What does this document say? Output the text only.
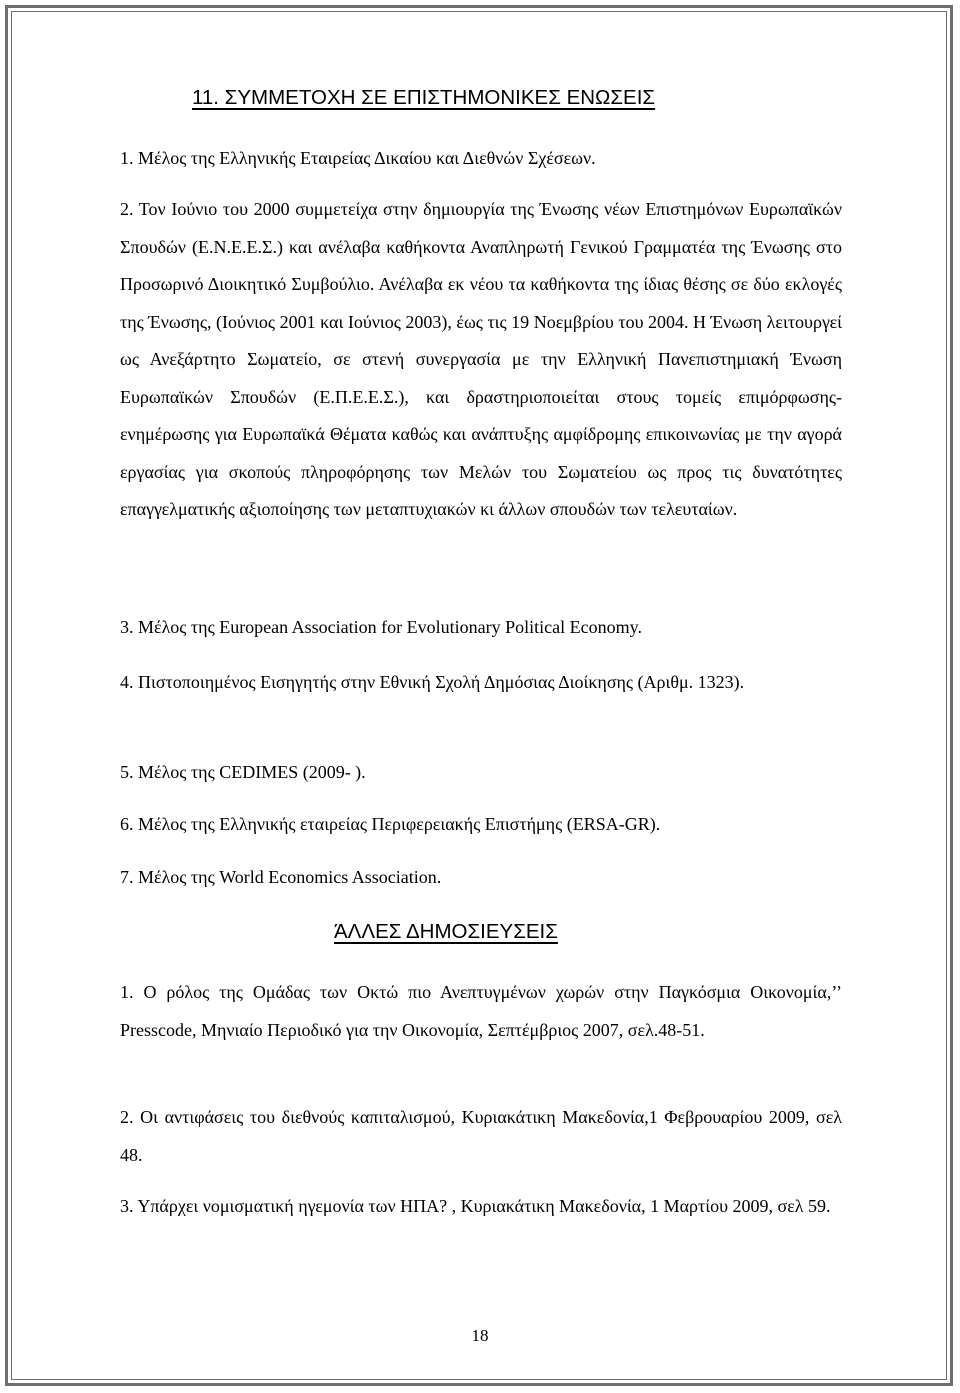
11. ΣΥΜΜΕΤΟΧΗ ΣΕ ΕΠΙΣΤΗΜΟΝΙΚΕΣ ΕΝΩΣΕΙΣ

1. Μέλος της Ελληνικής Εταιρείας Δικαίου και Διεθνών Σχέσεων.

2. Τον Ιούνιο του 2000 συμμετείχα στην δημιουργία της Ένωσης νέων Επιστημόνων Ευρωπαϊκών Σπουδών (Ε.Ν.Ε.Ε.Σ.) και ανέλαβα καθήκοντα Αναπληρωτή Γενικού Γραμματέα της Ένωσης στο Προσωρινό Διοικητικό Συμβούλιο. Ανέλαβα εκ νέου τα καθήκοντα της ίδιας θέσης σε δύο εκλογές της Ένωσης, (Ιούνιος 2001 και Ιούνιος 2003), έως τις 19 Νοεμβρίου του 2004. Η Ένωση λειτουργεί ως Ανεξάρτητο Σωματείο, σε στενή συνεργασία με την Ελληνική Πανεπιστημιακή Ένωση Ευρωπαϊκών Σπουδών (Ε.Π.Ε.Ε.Σ.), και δραστηριοποιείται στους τομείς επιμόρφωσης-ενημέρωσης για Ευρωπαϊκά Θέματα καθώς και ανάπτυξης αμφίδρομης επικοινωνίας με την αγορά εργασίας για σκοπούς πληροφόρησης των Μελών του Σωματείου ως προς τις δυνατότητες επαγγελματικής αξιοποίησης των μεταπτυχιακών κι άλλων σπουδών των τελευταίων.

3. Μέλος της European Association for Evolutionary Political Economy.

4. Πιστοποιημένος Εισηγητής στην Εθνική Σχολή Δημόσιας Διοίκησης (Αριθμ. 1323).

5. Μέλος της CEDIMES (2009- ).

6. Μέλος της Ελληνικής εταιρείας Περιφερειακής Επιστήμης (ERSA-GR).

7. Μέλος της World Economics Association.

ΆΛΛΕΣ ΔΗΜΟΣΙΕΥΣΕΙΣ

1. Ο ρόλος της Ομάδας των Οκτώ πιο Ανεπτυγμένων χωρών στην Παγκόσμια Οικονομία,’’ Presscode, Μηνιαίο Περιοδικό για την Οικονομία, Σεπτέμβριος 2007, σελ.48-51.

2. Οι αντιφάσεις του διεθνούς καπιταλισμού, Κυριακάτικη Μακεδονία,1 Φεβρουαρίου 2009, σελ 48.

3. Υπάρχει νομισματική ηγεμονία των ΗΠΑ? , Κυριακάτικη Μακεδονία, 1 Μαρτίου 2009, σελ 59.

18
